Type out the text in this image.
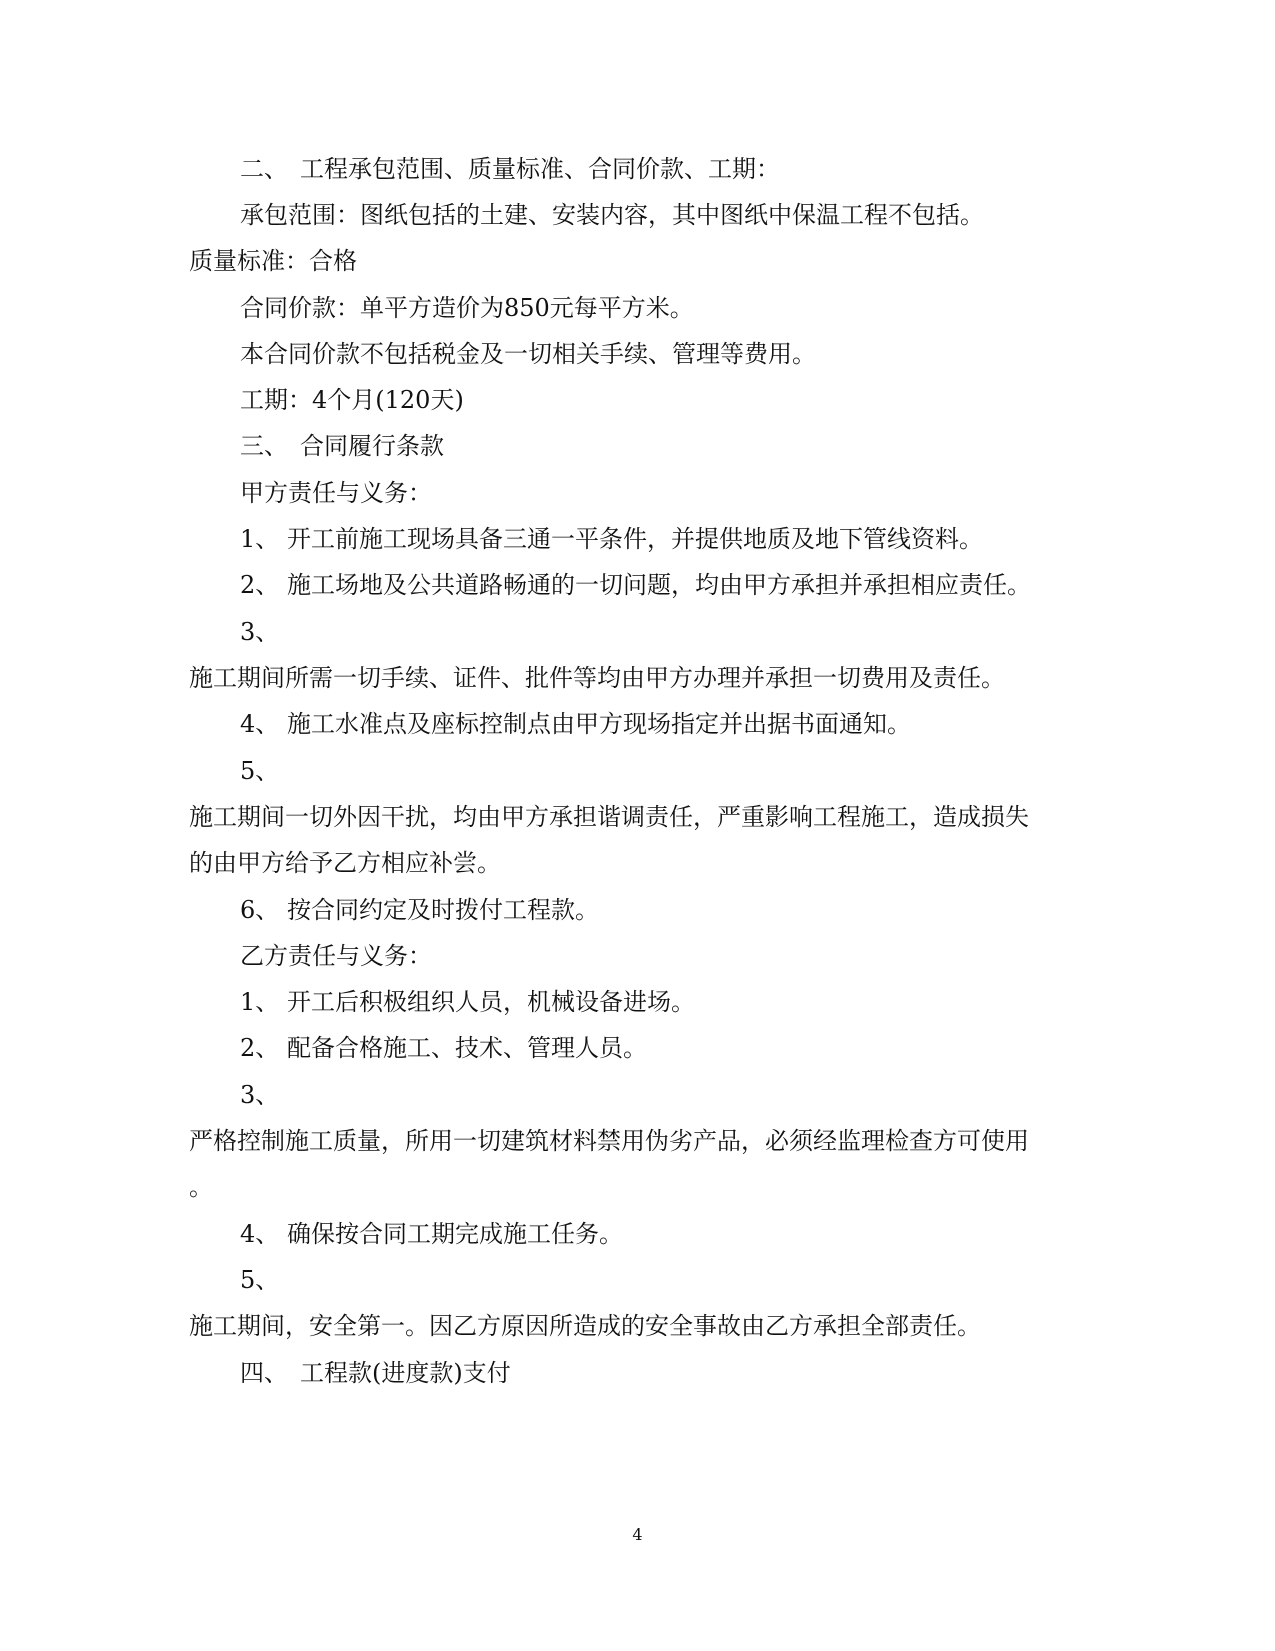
二、 工程承包范围、质量标准、合同价款、工期：
承包范围：图纸包括的土建、安装内容，其中图纸中保温工程不包括。
质量标准：合格
合同价款：单平方造价为850元每平方米。
本合同价款不包括税金及一切相关手续、管理等费用。
工期：4个月(120天)
三、 合同履行条款
甲方责任与义务：
1、 开工前施工现场具备三通一平条件，并提供地质及地下管线资料。
2、 施工场地及公共道路畅通的一切问题，均由甲方承担并承担相应责任。
3、
施工期间所需一切手续、证件、批件等均由甲方办理并承担一切费用及责任。
4、 施工水准点及座标控制点由甲方现场指定并出据书面通知。
5、
施工期间一切外因干扰，均由甲方承担谐调责任，严重影响工程施工，造成损失
的由甲方给予乙方相应补尝。
6、 按合同约定及时拨付工程款。
乙方责任与义务：
1、 开工后积极组织人员，机械设备进场。
2、 配备合格施工、技术、管理人员。
3、
严格控制施工质量，所用一切建筑材料禁用伪劣产品，必须经监理检查方可使用
。
4、 确保按合同工期完成施工任务。
5、
施工期间，安全第一。因乙方原因所造成的安全事故由乙方承担全部责任。
四、 工程款(进度款)支付
4
